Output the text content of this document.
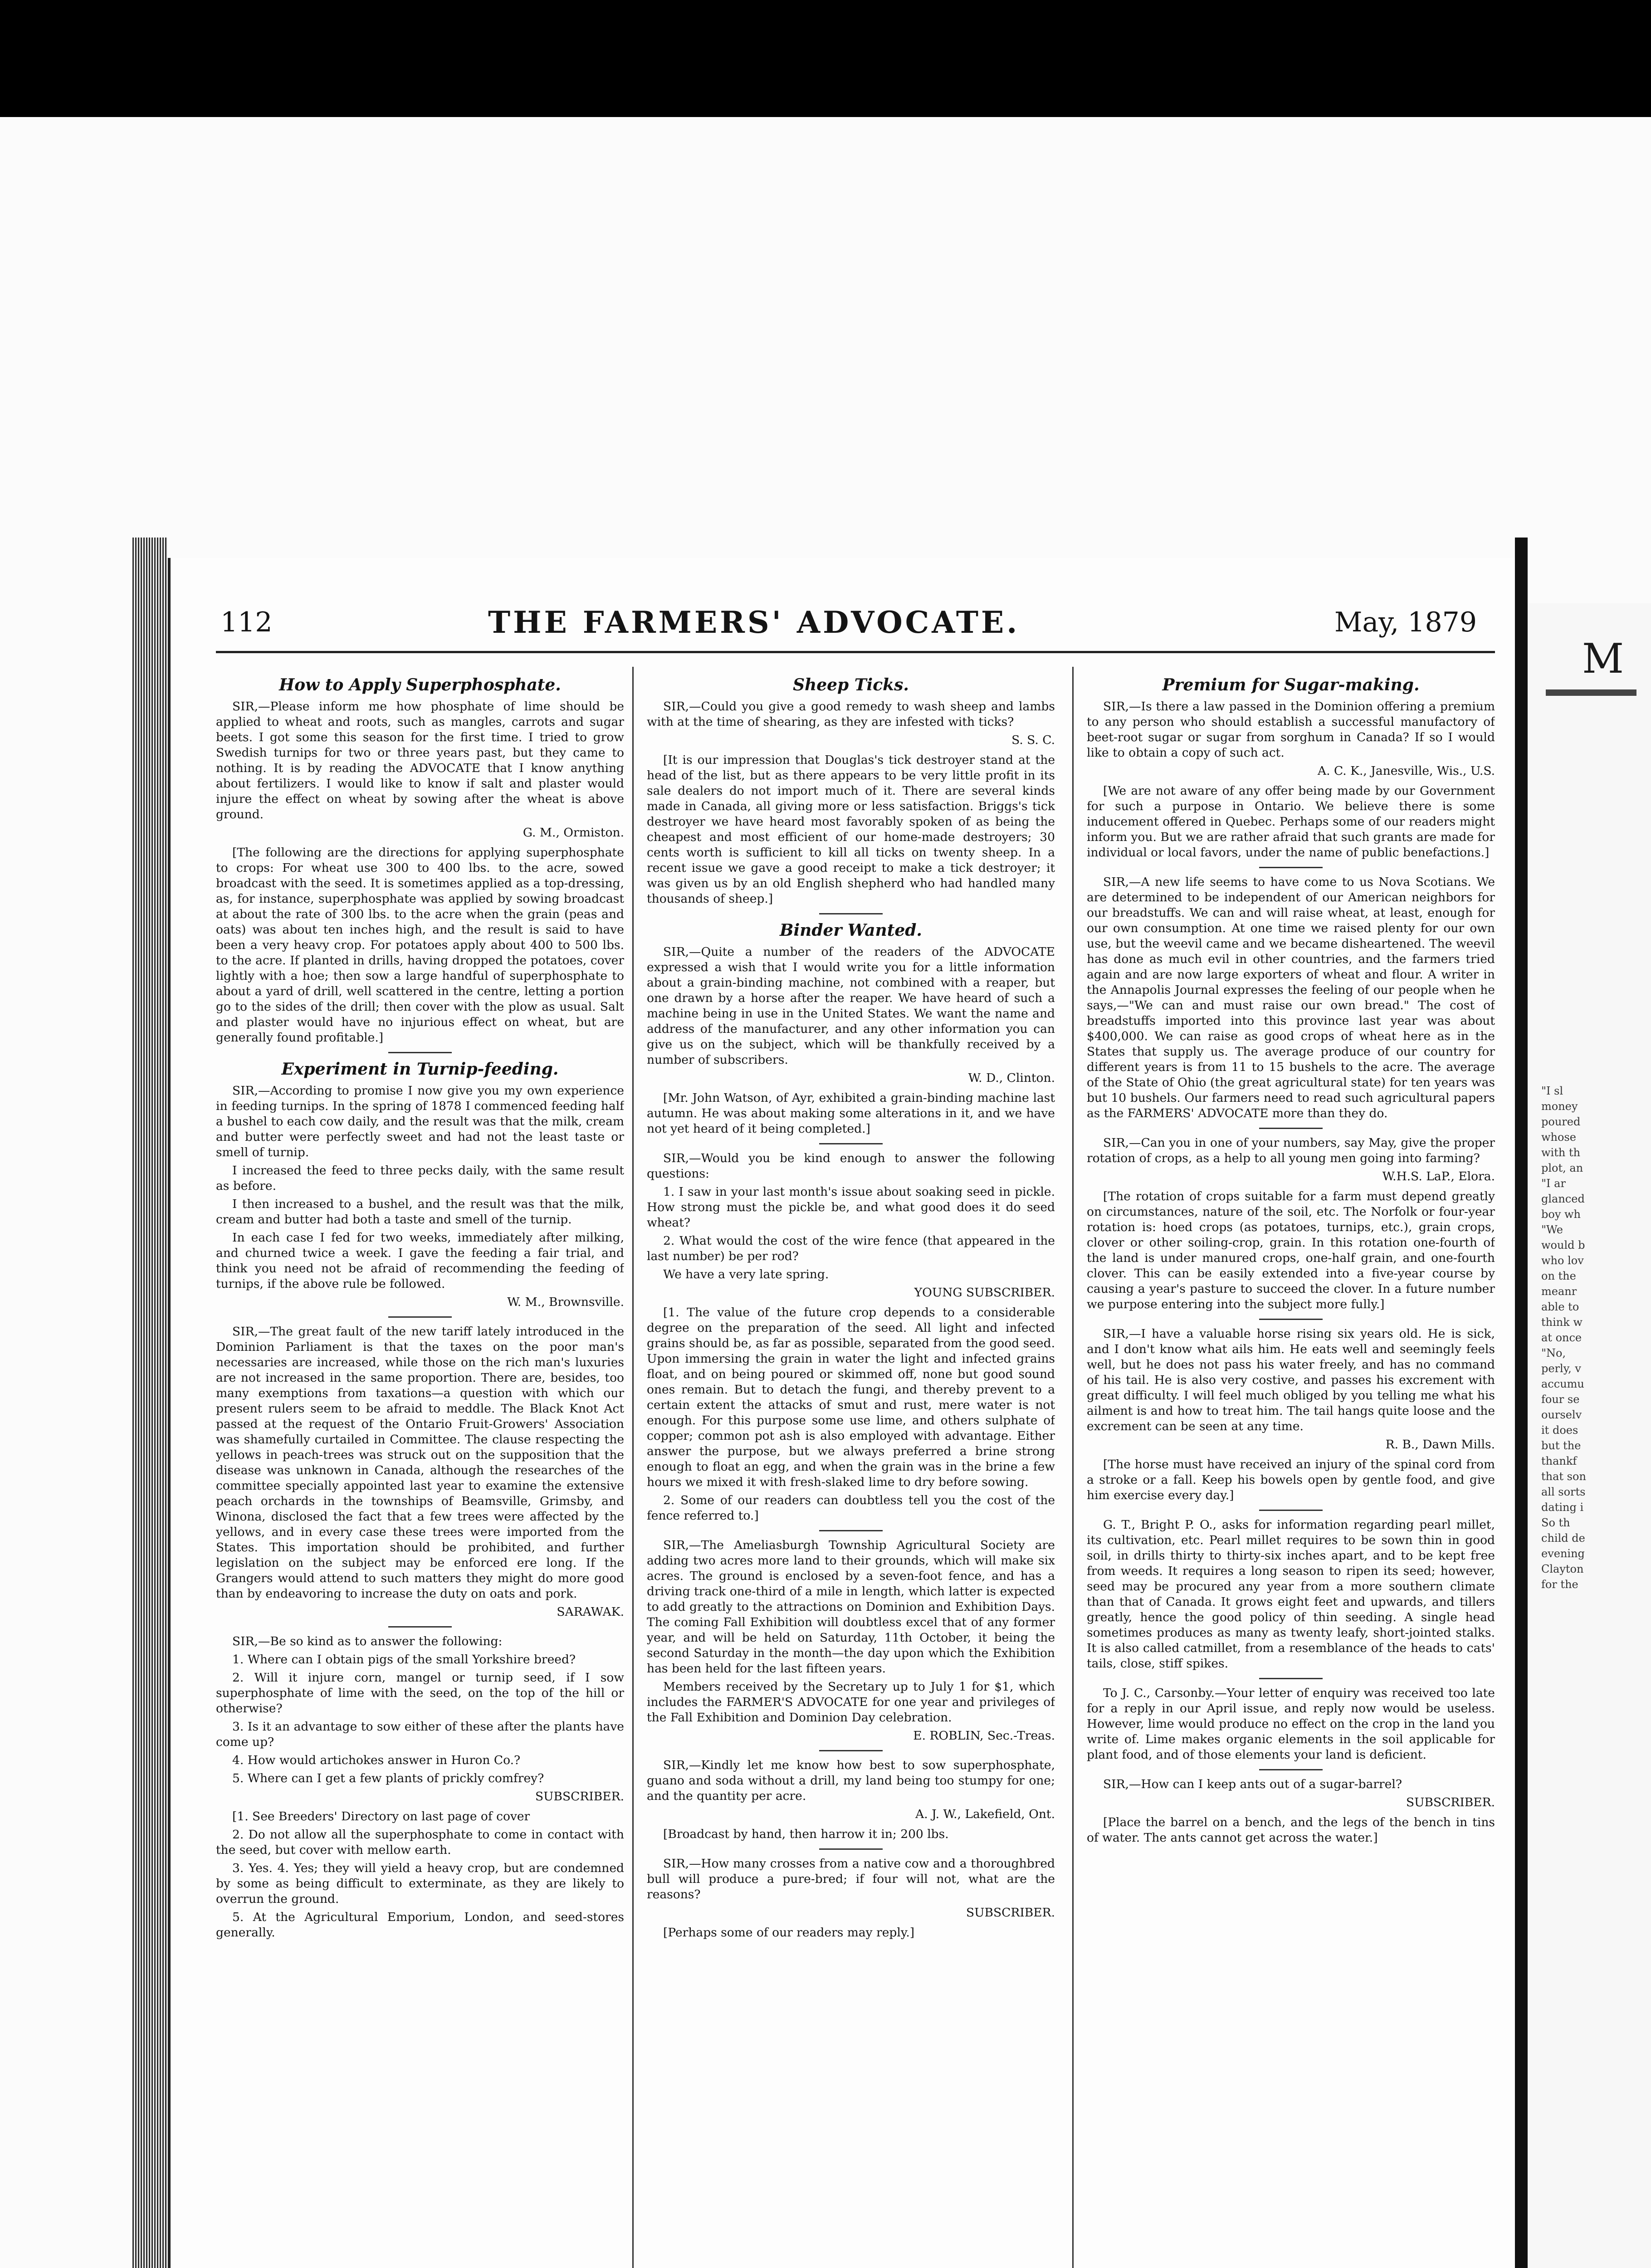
112	THE FARMERS' ADVOCATE.	May, 1879
How to Apply Superphosphate.

SIR,—Please inform me how phosphate of lime should be applied to wheat and roots, such as mangles, carrots and sugar beets. I got some this season for the first time. I tried to grow Swedish turnips for two or three years past, but they came to nothing. It is by reading the ADVOCATE that I know anything about fertilizers. I would like to know if salt and plaster would injure the effect on wheat by sowing after the wheat is above ground.

G. M., Ormiston.

[The following are the directions for applying superphosphate to crops: For wheat use 300 to 400 lbs. to the acre, sowed broadcast with the seed. It is sometimes applied as a top-dressing, as, for instance, superphosphate was applied by sowing broadcast at about the rate of 300 lbs. to the acre when the grain (peas and oats) was about ten inches high, and the result is said to have been a very heavy crop. For potatoes apply about 400 to 500 lbs. to the acre. If planted in drills, having dropped the potatoes, cover lightly with a hoe; then sow a large handful of superphosphate to about a yard of drill, well scattered in the centre, letting a portion go to the sides of the drill; then cover with the plow as usual. Salt and plaster would have no injurious effect on wheat, but are generally found profitable.]

Experiment in Turnip-feeding.

SIR,—According to promise I now give you my own experience in feeding turnips. In the spring of 1878 I commenced feeding half a bushel to each cow daily, and the result was that the milk, cream and butter were perfectly sweet and had not the least taste or smell of turnip.

I increased the feed to three pecks daily, with the same result as before.

I then increased to a bushel, and the result was that the milk, cream and butter had both a taste and smell of the turnip.

In each case I fed for two weeks, immediately after milking, and churned twice a week. I gave the feeding a fair trial, and think you need not be afraid of recommending the feeding of turnips, if the above rule be followed.

W. M., Brownsville.

SIR,—The great fault of the new tariff lately introduced in the Dominion Parliament is that the taxes on the poor man's necessaries are increased, while those on the rich man's luxuries are not increased in the same proportion. There are, besides, too many exemptions from taxations—a question with which our present rulers seem to be afraid to meddle. The Black Knot Act passed at the request of the Ontario Fruit-Growers' Association was shamefully curtailed in Committee. The clause respecting the yellows in peach-trees was struck out on the supposition that the disease was unknown in Canada, although the researches of the committee specially appointed last year to examine the extensive peach orchards in the townships of Beamsville, Grimsby, and Winona, disclosed the fact that a few trees were affected by the yellows, and in every case these trees were imported from the States. This importation should be prohibited, and further legislation on the subject may be enforced ere long. If the Grangers would attend to such matters they might do more good than by endeavoring to increase the duty on oats and pork.

SARAWAK.

SIR,—Be so kind as to answer the following:

1. Where can I obtain pigs of the small Yorkshire breed?

2. Will it injure corn, mangel or turnip seed, if I sow superphosphate of lime with the seed, on the top of the hill or otherwise?

3. Is it an advantage to sow either of these after the plants have come up?

4. How would artichokes answer in Huron Co.?

5. Where can I get a few plants of prickly comfrey?

SUBSCRIBER.

[1. See Breeders' Directory on last page of cover

2. Do not allow all the superphosphate to come in contact with the seed, but cover with mellow earth.

3. Yes. 4. Yes; they will yield a heavy crop, but are condemned by some as being difficult to exterminate, as they are likely to overrun the ground.

5. At the Agricultural Emporium, London, and seed-stores generally.

Sheep Ticks.

SIR,—Could you give a good remedy to wash sheep and lambs with at the time of shearing, as they are infested with ticks?

S. S. C.

[It is our impression that Douglas's tick destroyer stand at the head of the list, but as there appears to be very little profit in its sale dealers do not import much of it. There are several kinds made in Canada, all giving more or less satisfaction. Briggs's tick destroyer we have heard most favorably spoken of as being the cheapest and most efficient of our home-made destroyers; 30 cents worth is sufficient to kill all ticks on twenty sheep. In a recent issue we gave a good receipt to make a tick destroyer; it was given us by an old English shepherd who had handled many thousands of sheep.]

Binder Wanted.

SIR,—Quite a number of the readers of the ADVOCATE expressed a wish that I would write you for a little information about a grain-binding machine, not combined with a reaper, but one drawn by a horse after the reaper. We have heard of such a machine being in use in the United States. We want the name and address of the manufacturer, and any other information you can give us on the subject, which will be thankfully received by a number of subscribers.

W. D., Clinton.

[Mr. John Watson, of Ayr, exhibited a grain-binding machine last autumn. He was about making some alterations in it, and we have not yet heard of it being completed.]

SIR,—Would you be kind enough to answer the following questions:

1. I saw in your last month's issue about soaking seed in pickle. How strong must the pickle be, and what good does it do seed wheat?

2. What would the cost of the wire fence (that appeared in the last number) be per rod?

We have a very late spring.

YOUNG SUBSCRIBER.

[1. The value of the future crop depends to a considerable degree on the preparation of the seed. All light and infected grains should be, as far as possible, separated from the good seed. Upon immersing the grain in water the light and infected grains float, and on being poured or skimmed off, none but good sound ones remain. But to detach the fungi, and thereby prevent to a certain extent the attacks of smut and rust, mere water is not enough. For this purpose some use lime, and others sulphate of copper; common pot ash is also employed with advantage. Either answer the purpose, but we always preferred a brine strong enough to float an egg, and when the grain was in the brine a few hours we mixed it with fresh-slaked lime to dry before sowing.

2. Some of our readers can doubtless tell you the cost of the fence referred to.]

SIR,—The Ameliasburgh Township Agricultural Society are adding two acres more land to their grounds, which will make six acres. The ground is enclosed by a seven-foot fence, and has a driving track one-third of a mile in length, which latter is expected to add greatly to the attractions on Dominion and Exhibition Days. The coming Fall Exhibition will doubtless excel that of any former year, and will be held on Saturday, 11th October, it being the second Saturday in the month—the day upon which the Exhibition has been held for the last fifteen years.

Members received by the Secretary up to July 1 for $1, which includes the FARMER'S ADVOCATE for one year and privileges of the Fall Exhibition and Dominion Day celebration.

E. ROBLIN, Sec.-Treas.

SIR,—Kindly let me know how best to sow superphosphate, guano and soda without a drill, my land being too stumpy for one; and the quantity per acre.

A. J. W., Lakefield, Ont.

[Broadcast by hand, then harrow it in; 200 lbs.

SIR,—How many crosses from a native cow and a thoroughbred bull will produce a pure-bred; if four will not, what are the reasons?

SUBSCRIBER.

[Perhaps some of our readers may reply.]

Premium for Sugar-making.

SIR,—Is there a law passed in the Dominion offering a premium to any person who should establish a successful manufactory of beet-root sugar or sugar from sorghum in Canada? If so I would like to obtain a copy of such act.

A. C. K., Janesville, Wis., U.S.

[We are not aware of any offer being made by our Government for such a purpose in Ontario. We believe there is some inducement offered in Quebec. Perhaps some of our readers might inform you. But we are rather afraid that such grants are made for individual or local favors, under the name of public benefactions.]

SIR,—A new life seems to have come to us Nova Scotians. We are determined to be independent of our American neighbors for our breadstuffs. We can and will raise wheat, at least, enough for our own consumption. At one time we raised plenty for our own use, but the weevil came and we became disheartened. The weevil has done as much evil in other countries, and the farmers tried again and are now large exporters of wheat and flour. A writer in the Annapolis Journal expresses the feeling of our people when he says,—"We can and must raise our own bread." The cost of breadstuffs imported into this province last year was about $400,000. We can raise as good crops of wheat here as in the States that supply us. The average produce of our country for different years is from 11 to 15 bushels to the acre. The average of the State of Ohio (the great agricultural state) for ten years was but 10 bushels. Our farmers need to read such agricultural papers as the FARMERS' ADVOCATE more than they do.

SIR,—Can you in one of your numbers, say May, give the proper rotation of crops, as a help to all young men going into farming?

W.H.S. LaP., Elora.

[The rotation of crops suitable for a farm must depend greatly on circumstances, nature of the soil, etc. The Norfolk or four-year rotation is: hoed crops (as potatoes, turnips, etc.), grain crops, clover or other soiling-crop, grain. In this rotation one-fourth of the land is under manured crops, one-half grain, and one-fourth clover. This can be easily extended into a five-year course by causing a year's pasture to succeed the clover. In a future number we purpose entering into the subject more fully.]

SIR,—I have a valuable horse rising six years old. He is sick, and I don't know what ails him. He eats well and seemingly feels well, but he does not pass his water freely, and has no command of his tail. He is also very costive, and passes his excrement with great difficulty. I will feel much obliged by you telling me what his ailment is and how to treat him. The tail hangs quite loose and the excrement can be seen at any time.

R. B., Dawn Mills.

[The horse must have received an injury of the spinal cord from a stroke or a fall. Keep his bowels open by gentle food, and give him exercise every day.]

G. T., Bright P. O., asks for information regarding pearl millet, its cultivation, etc. Pearl millet requires to be sown thin in good soil, in drills thirty to thirty-six inches apart, and to be kept free from weeds. It requires a long season to ripen its seed; however, seed may be procured any year from a more southern climate than that of Canada. It grows eight feet and upwards, and tillers greatly, hence the good policy of thin seeding. A single head sometimes produces as many as twenty leafy, short-jointed stalks. It is also called catmillet, from a resemblance of the heads to cats' tails, close, stiff spikes.

To J. C., Carsonby.—Your letter of enquiry was received too late for a reply in our April issue, and reply now would be useless. However, lime would produce no effect on the crop in the land you write of. Lime makes organic elements in the soil applicable for plant food, and of those elements your land is deficient.

SIR,—How can I keep ants out of a sugar-barrel?

SUBSCRIBER.

[Place the barrel on a bench, and the legs of the bench in tins of water. The ants cannot get across the water.]

M
"I sl
money
poured
whose
with th
plot, an
"I ar
glanced
boy wh
"We
would b
who lov
on the
meanr
able to
think w
at once
"No,
perly, v
accumu
four se
ourselv
it does
but the
thankf
that son
all sorts
dating i
So th
child de
evening
Clayton
for the
